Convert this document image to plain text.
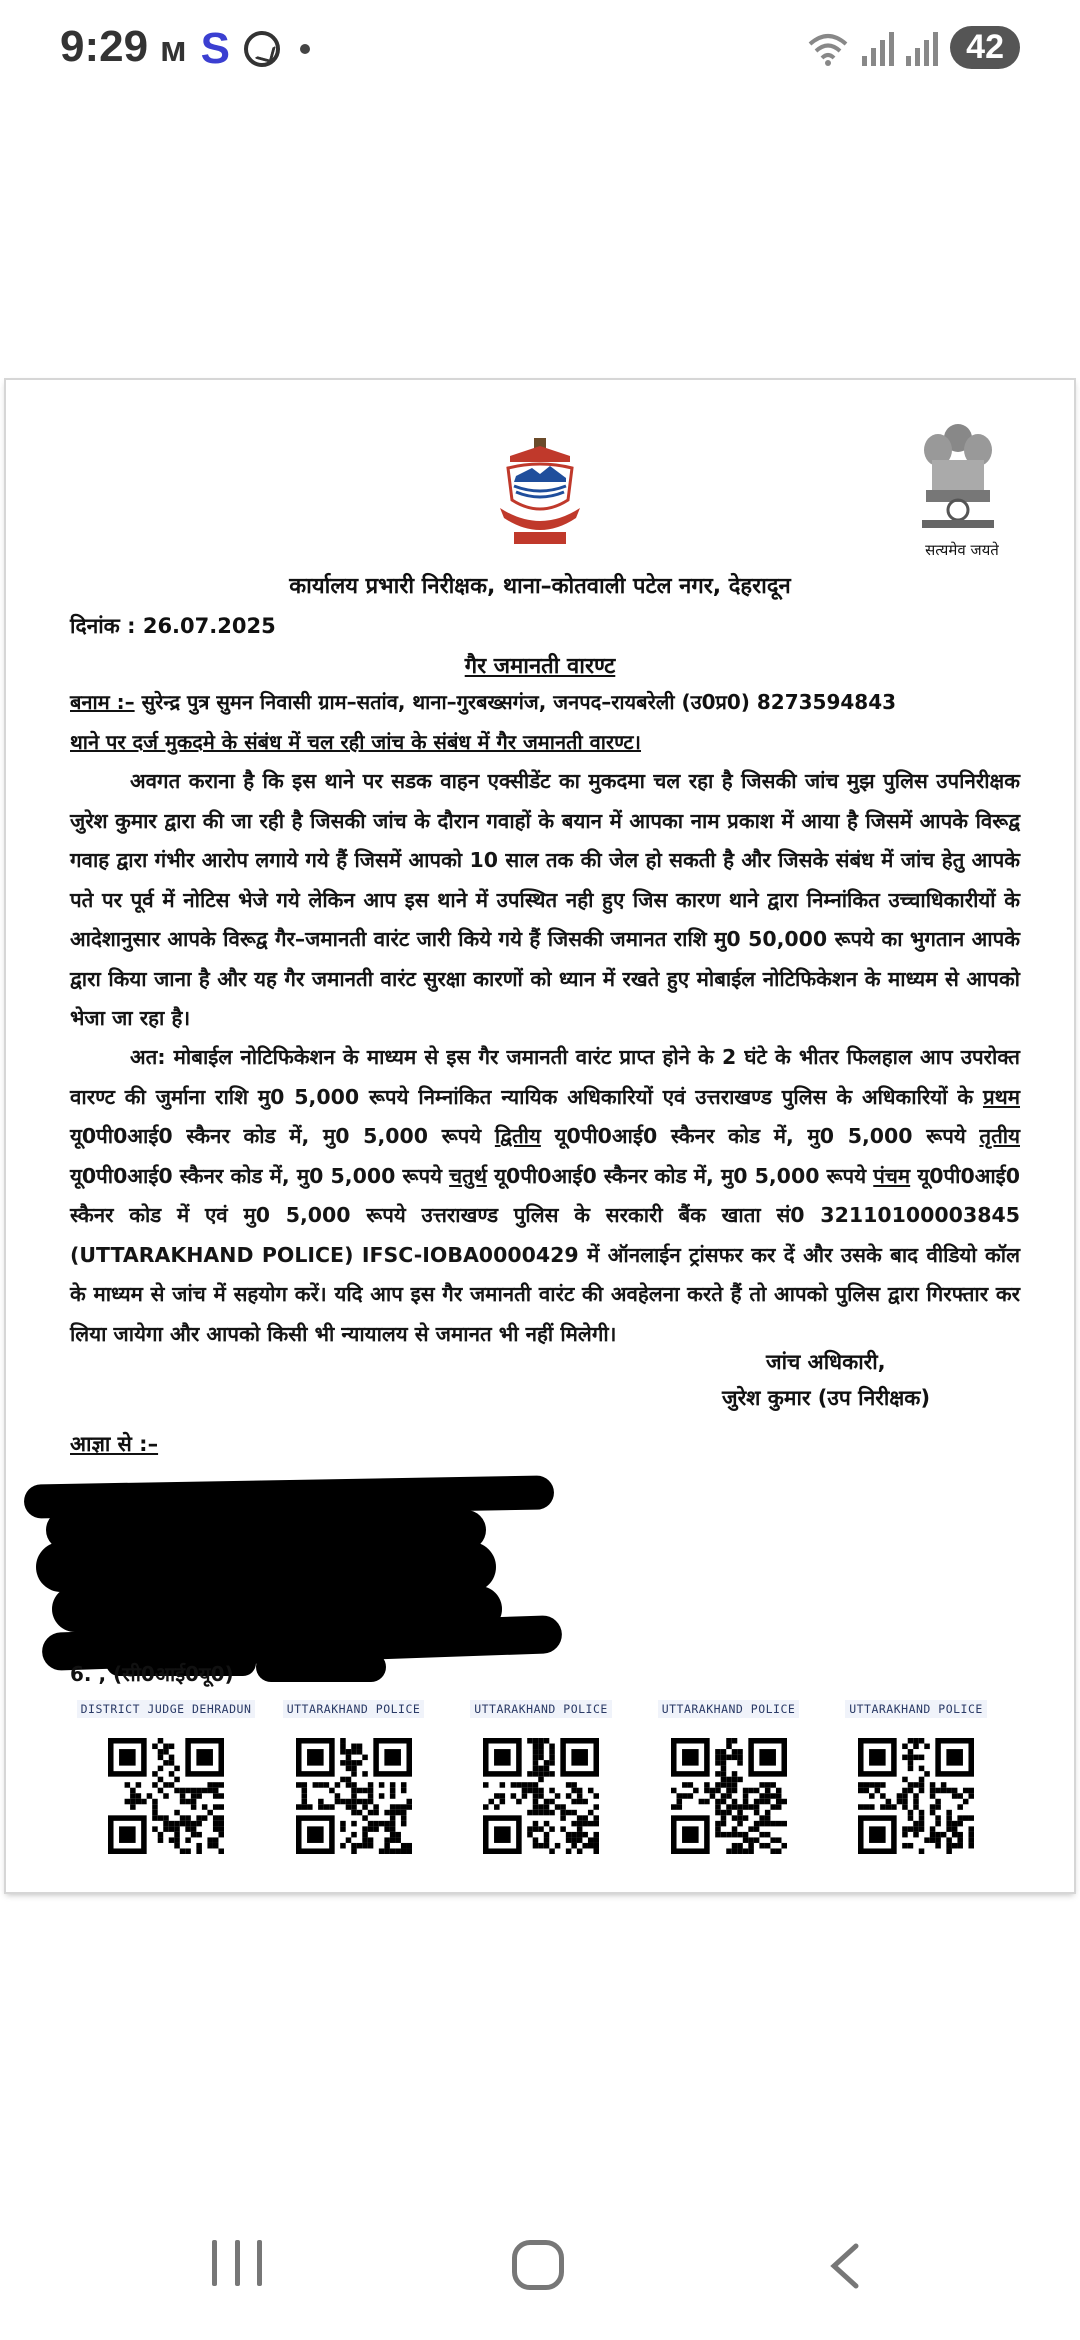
9:29 ᴍ S	42
सत्यमेव जयते
कार्यालय प्रभारी निरीक्षक, थाना–कोतवाली पटेल नगर, देहरादून
दिनांक : 26.07.2025
गैर जमानती वारण्ट
बनाम :– सुरेन्द्र पुत्र सुमन निवासी ग्राम–सतांव, थाना–गुरबख्सगंज, जनपद–रायबरेली (उ0प्र0) 8273594843
थाने पर दर्ज मुकदमे के संबंध में चल रही जांच के संबंध में गैर जमानती वारण्ट।
अवगत कराना है कि इस थाने पर सडक वाहन एक्सीडेंट का मुकदमा चल रहा है जिसकी जांच मुझ पुलिस उपनिरीक्षक जुरेश कुमार द्वारा की जा रही है जिसकी जांच के दौरान गवाहों के बयान में आपका नाम प्रकाश में आया है जिसमें आपके विरूद्व गवाह द्वारा गंभीर आरोप लगाये गये हैं जिसमें आपको 10 साल तक की जेल हो सकती है और जिसके संबंध में जांच हेतु आपके पते पर पूर्व में नोटिस भेजे गये लेकिन आप इस थाने में उपस्थित नही हुए जिस कारण थाने द्वारा निम्नांकित उच्चाधिकारीयों के आदेशानुसार आपके विरूद्व गैर–जमानती वारंट जारी किये गये हैं जिसकी जमानत राशि मु0 50,000 रूपये का भुगतान आपके द्वारा किया जाना है और यह गैर जमानती वारंट सुरक्षा कारणों को ध्यान में रखते हुए मोबाईल नोटिफिकेशन के माध्यम से आपको भेजा जा रहा है।
अत: मोबाईल नोटिफिकेशन के माध्यम से इस गैर जमानती वारंट प्राप्त होने के 2 घंटे के भीतर फिलहाल आप उपरोक्त वारण्ट की जुर्माना राशि मु0 5,000 रूपये निम्नांकित न्यायिक अधिकारियों एवं उत्तराखण्ड पुलिस के अधिकारियों के प्रथम यू0पी0आई0 स्कैनर कोड में, मु0 5,000 रूपये द्वितीय यू0पी0आई0 स्कैनर कोड में, मु0 5,000 रूपये तृतीय यू0पी0आई0 स्कैनर कोड में, मु0 5,000 रूपये चतुर्थ यू0पी0आई0 स्कैनर कोड में, मु0 5,000 रूपये पंचम यू0पी0आई0 स्कैनर कोड में एवं मु0 5,000 रूपये उत्तराखण्ड पुलिस के सरकारी बैंक खाता सं0 32110100003845 (UTTARAKHAND POLICE) IFSC-IOBA0000429 में ऑनलाईन ट्रांसफर कर दें और उसके बाद वीडियो कॉल के माध्यम से जांच में सहयोग करें। यदि आप इस गैर जमानती वारंट की अवहेलना करते हैं तो आपको पुलिस द्वारा गिरफ्तार कर लिया जायेगा और आपको किसी भी न्यायालय से जमानत भी नहीं मिलेगी।
जांच अधिकारी,
जुरेश कुमार (उप निरीक्षक)
आज्ञा से :–
6. , (सी0आई0यू0)
DISTRICT JUDGE DEHRADUN	UTTARAKHAND POLICE	UTTARAKHAND POLICE	UTTARAKHAND POLICE	UTTARAKHAND POLICE
